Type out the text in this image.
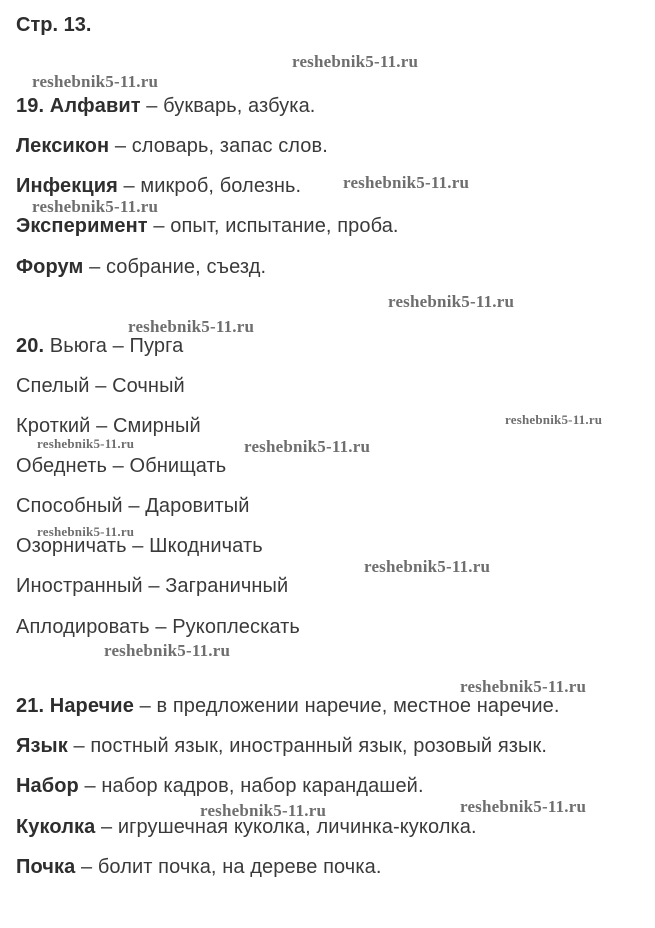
Стр. 13.
19. Алфавит – букварь, азбука.
Лексикон – словарь, запас слов.
Инфекция – микроб, болезнь.
Эксперимент – опыт, испытание, проба.
Форум – собрание, съезд.
20. Вьюга – Пурга
Спелый – Сочный
Кроткий – Смирный
Обеднеть – Обнищать
Способный – Даровитый
Озорничать – Шкодничать
Иностранный – Заграничный
Аплодировать – Рукоплескать
21. Наречие – в предложении наречие, местное наречие.
Язык – постный язык, иностранный язык, розовый язык.
Набор – набор кадров, набор карандашей.
Куколка – игрушечная куколка, личинка-куколка.
Почка – болит почка, на дереве почка.
reshebnik5-11.ru
reshebnik5-11.ru
reshebnik5-11.ru
reshebnik5-11.ru
reshebnik5-11.ru
reshebnik5-11.ru
reshebnik5-11.ru
reshebnik5-11.ru	reshebnik5-11.ru
reshebnik5-11.ru
reshebnik5-11.ru
reshebnik5-11.ru
reshebnik5-11.ru
reshebnik5-11.ru	reshebnik5-11.ru
